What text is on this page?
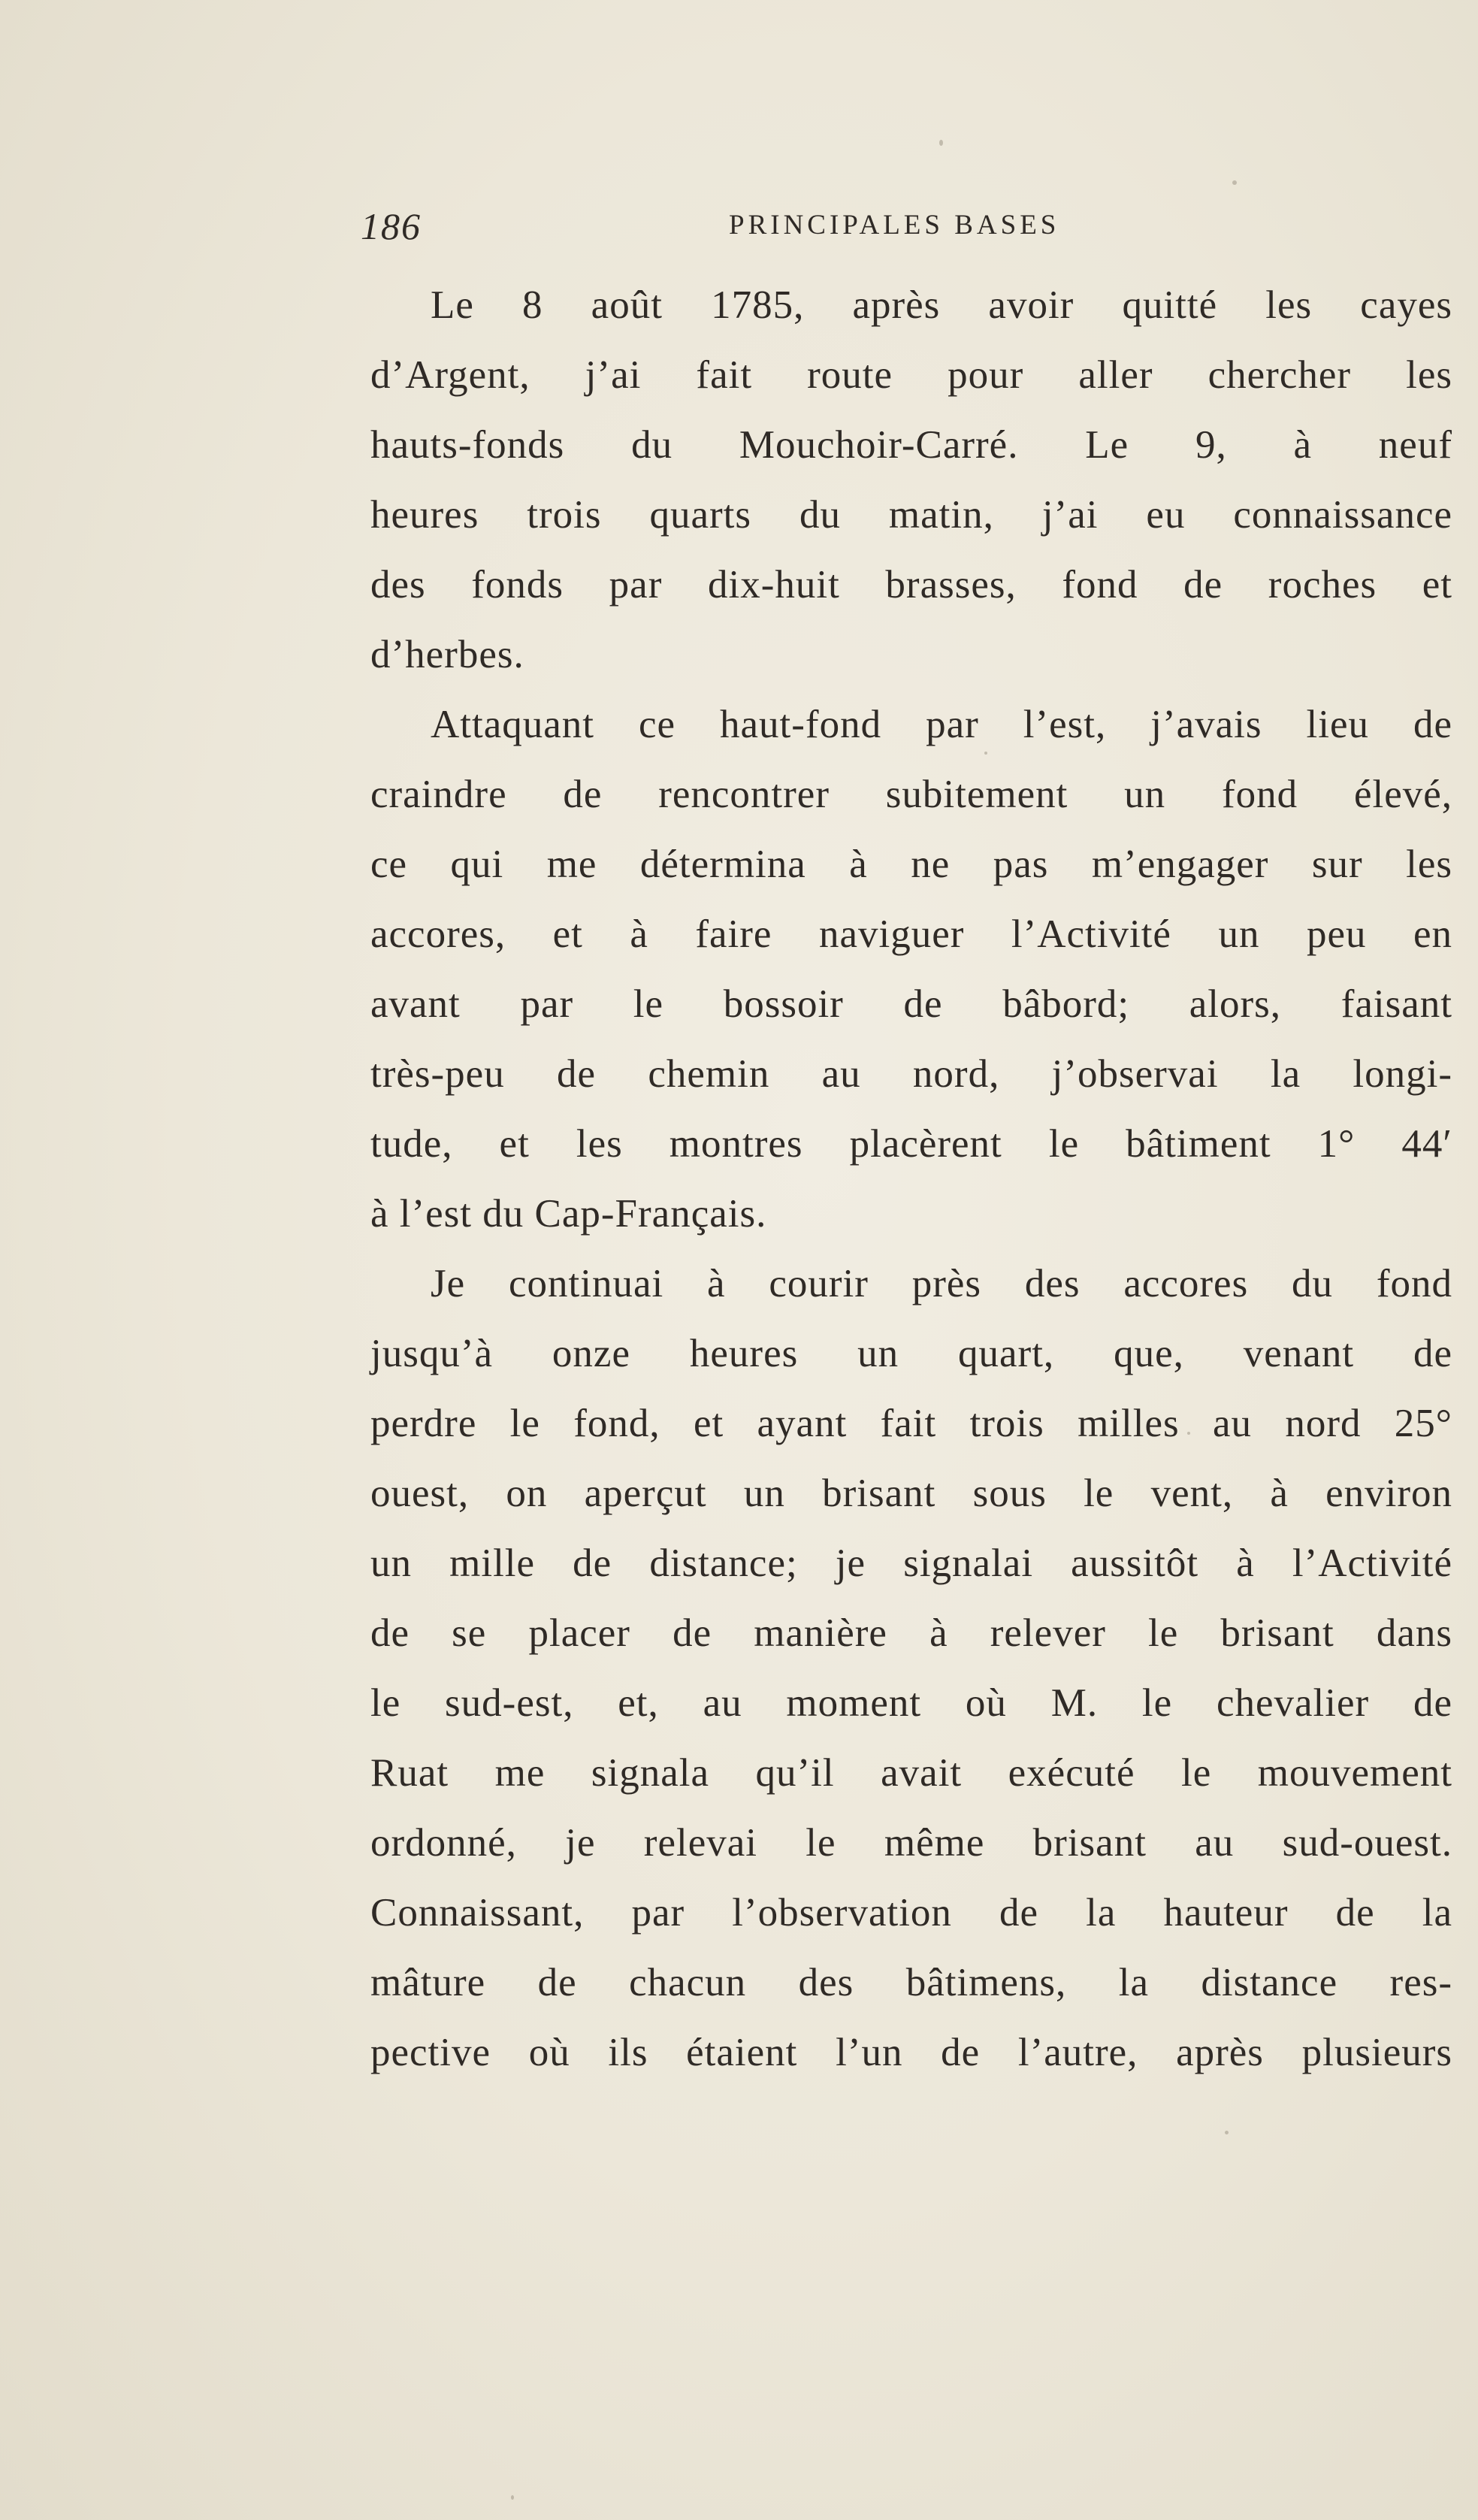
186	PRINCIPALES BASES
Le 8 août 1785, après avoir quitté les cayes
d’Argent, j’ai fait route pour aller chercher les
hauts-fonds du Mouchoir-Carré. Le 9, à neuf
heures trois quarts du matin, j’ai eu connaissance
des fonds par dix-huit brasses, fond de roches et
d’herbes.
Attaquant ce haut-fond par l’est, j’avais lieu de
craindre de rencontrer subitement un fond élevé,
ce qui me détermina à ne pas m’engager sur les
accores, et à faire naviguer l’Activité un peu en
avant par le bossoir de bâbord; alors, faisant
très-peu de chemin au nord, j’observai la longi-
tude, et les montres placèrent le bâtiment 1° 44′
à l’est du Cap-Français.
Je continuai à courir près des accores du fond
jusqu’à onze heures un quart, que, venant de
perdre le fond, et ayant fait trois milles au nord 25°
ouest, on aperçut un brisant sous le vent, à environ
un mille de distance; je signalai aussitôt à l’Activité
de se placer de manière à relever le brisant dans
le sud-est, et, au moment où M. le chevalier de
Ruat me signala qu’il avait exécuté le mouvement
ordonné, je relevai le même brisant au sud-ouest.
Connaissant, par l’observation de la hauteur de la
mâture de chacun des bâtimens, la distance res-
pective où ils étaient l’un de l’autre, après plusieurs
